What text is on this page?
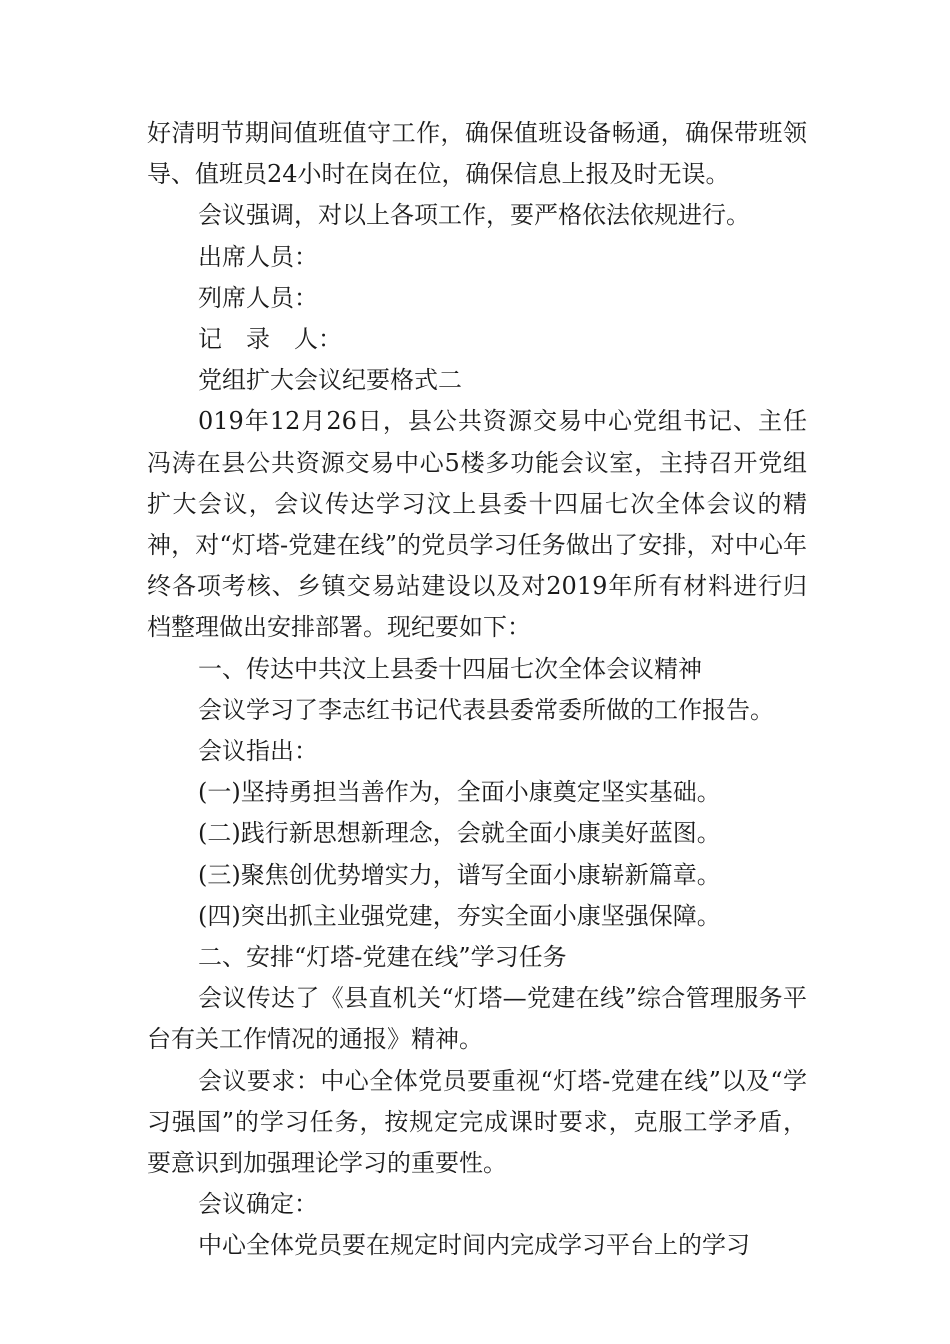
好清明节期间值班值守工作，确保值班设备畅通，确保带班领导、值班员24小时在岗在位，确保信息上报及时无误。

会议强调，对以上各项工作，要严格依法依规进行。

出席人员：

列席人员：

记　录　人：

党组扩大会议纪要格式二

019年12月26日，县公共资源交易中心党组书记、主任冯涛在县公共资源交易中心5楼多功能会议室，主持召开党组扩大会议，会议传达学习汶上县委十四届七次全体会议的精神，对“灯塔-党建在线”的党员学习任务做出了安排，对中心年终各项考核、乡镇交易站建设以及对2019年所有材料进行归档整理做出安排部署。现纪要如下：

一、传达中共汶上县委十四届七次全体会议精神

会议学习了李志红书记代表县委常委所做的工作报告。

会议指出：

(一)坚持勇担当善作为，全面小康奠定坚实基础。

(二)践行新思想新理念，会就全面小康美好蓝图。

(三)聚焦创优势增实力，谱写全面小康崭新篇章。

(四)突出抓主业强党建，夯实全面小康坚强保障。

二、安排“灯塔-党建在线”学习任务

会议传达了《县直机关“灯塔—党建在线”综合管理服务平台有关工作情况的通报》精神。

会议要求：中心全体党员要重视“灯塔-党建在线”以及“学习强国”的学习任务，按规定完成课时要求，克服工学矛盾，要意识到加强理论学习的重要性。

会议确定：

中心全体党员要在规定时间内完成学习平台上的学习
